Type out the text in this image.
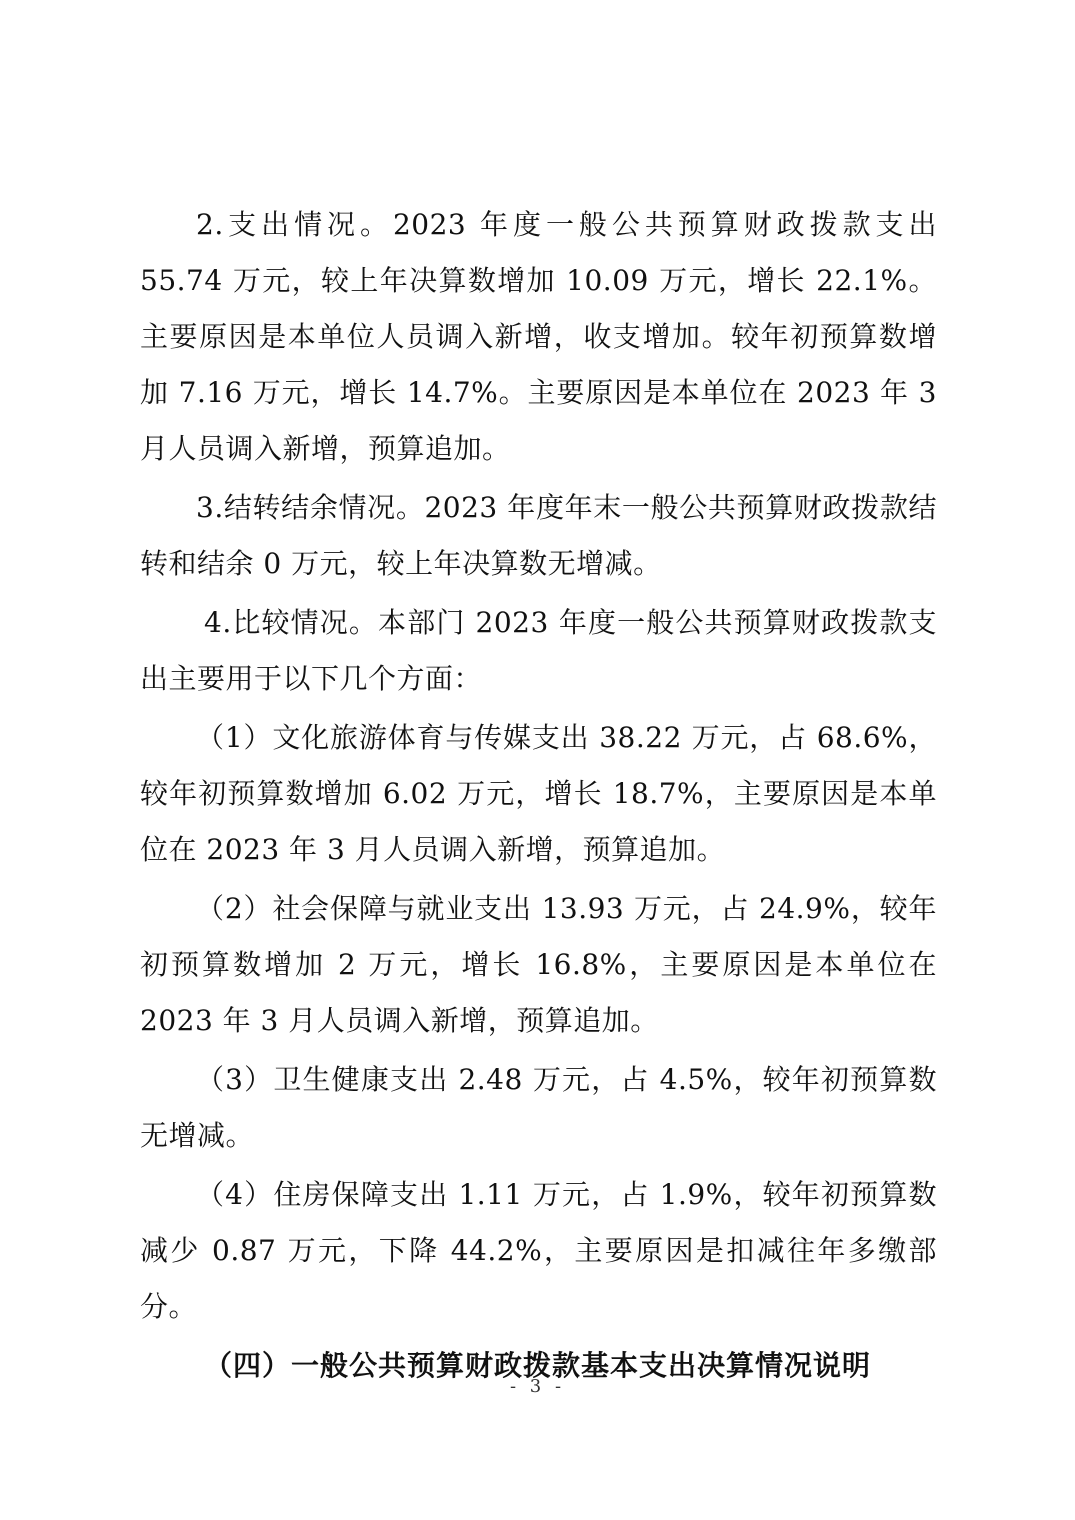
2.支出情况。2023 年度一般公共预算财政拨款支出 55.74 万元，较上年决算数增加 10.09 万元，增长 22.1%。主要原因是本单位人员调入新增，收支增加。较年初预算数增加 7.16 万元，增长 14.7%。主要原因是本单位在 2023 年 3 月人员调入新增，预算追加。

3.结转结余情况。2023 年度年末一般公共预算财政拨款结转和结余 0 万元，较上年决算数无增减。

4.比较情况。本部门 2023 年度一般公共预算财政拨款支出主要用于以下几个方面：

（1）文化旅游体育与传媒支出 38.22 万元，占 68.6%，较年初预算数增加 6.02 万元，增长 18.7%，主要原因是本单位在 2023 年 3 月人员调入新增，预算追加。

（2）社会保障与就业支出 13.93 万元，占 24.9%，较年初预算数增加 2 万元，增长 16.8%，主要原因是本单位在 2023 年 3 月人员调入新增，预算追加。

（3）卫生健康支出 2.48 万元，占 4.5%，较年初预算数无增减。

（4）住房保障支出 1.11 万元，占 1.9%，较年初预算数减少 0.87 万元，下降 44.2%，主要原因是扣减往年多缴部分。

（四）一般公共预算财政拨款基本支出决算情况说明

- 3 -
